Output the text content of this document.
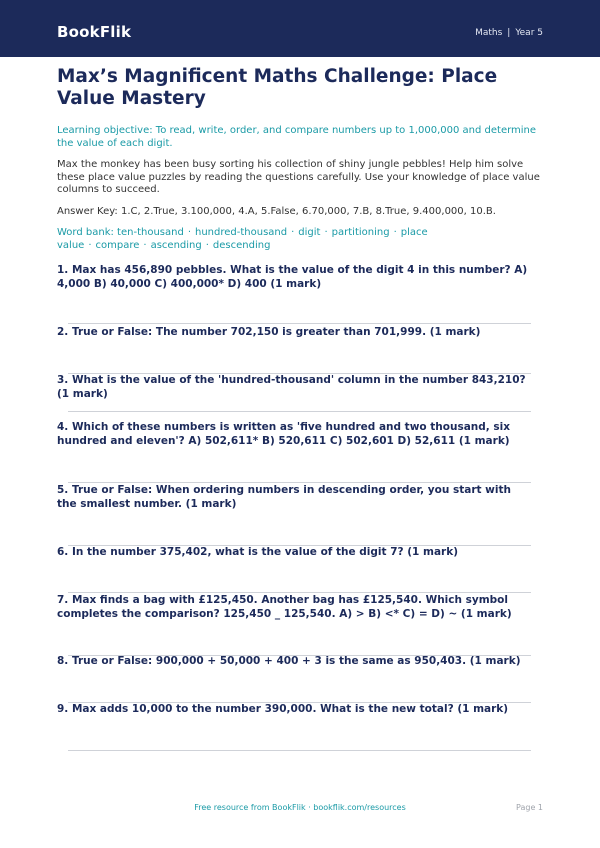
BookFlik	Maths | Year 5
Max’s Magnificent Maths Challenge: Place Value Mastery
Learning objective: To read, write, order, and compare numbers up to 1,000,000 and determine the value of each digit.
Max the monkey has been busy sorting his collection of shiny jungle pebbles! Help him solve these place value puzzles by reading the questions carefully. Use your knowledge of place value columns to succeed.
Answer Key: 1.C, 2.True, 3.100,000, 4.A, 5.False, 6.70,000, 7.B, 8.True, 9.400,000, 10.B.
Word bank: ten-thousand · hundred-thousand · digit · partitioning · place value · compare · ascending · descending
1. Max has 456,890 pebbles. What is the value of the digit 4 in this number? A) 4,000 B) 40,000 C) 400,000* D) 400 (1 mark)
2. True or False: The number 702,150 is greater than 701,999. (1 mark)
3. What is the value of the 'hundred-thousand' column in the number 843,210? (1 mark)
4. Which of these numbers is written as 'five hundred and two thousand, six hundred and eleven'? A) 502,611* B) 520,611 C) 502,601 D) 52,611 (1 mark)
5. True or False: When ordering numbers in descending order, you start with the smallest number. (1 mark)
6. In the number 375,402, what is the value of the digit 7? (1 mark)
7. Max finds a bag with £125,450. Another bag has £125,540. Which symbol completes the comparison? 125,450 _ 125,540. A) > B) <* C) = D) ~ (1 mark)
8. True or False: 900,000 + 50,000 + 400 + 3 is the same as 950,403. (1 mark)
9. Max adds 10,000 to the number 390,000. What is the new total? (1 mark)
Free resource from BookFlik · bookflik.com/resources	Page 1
